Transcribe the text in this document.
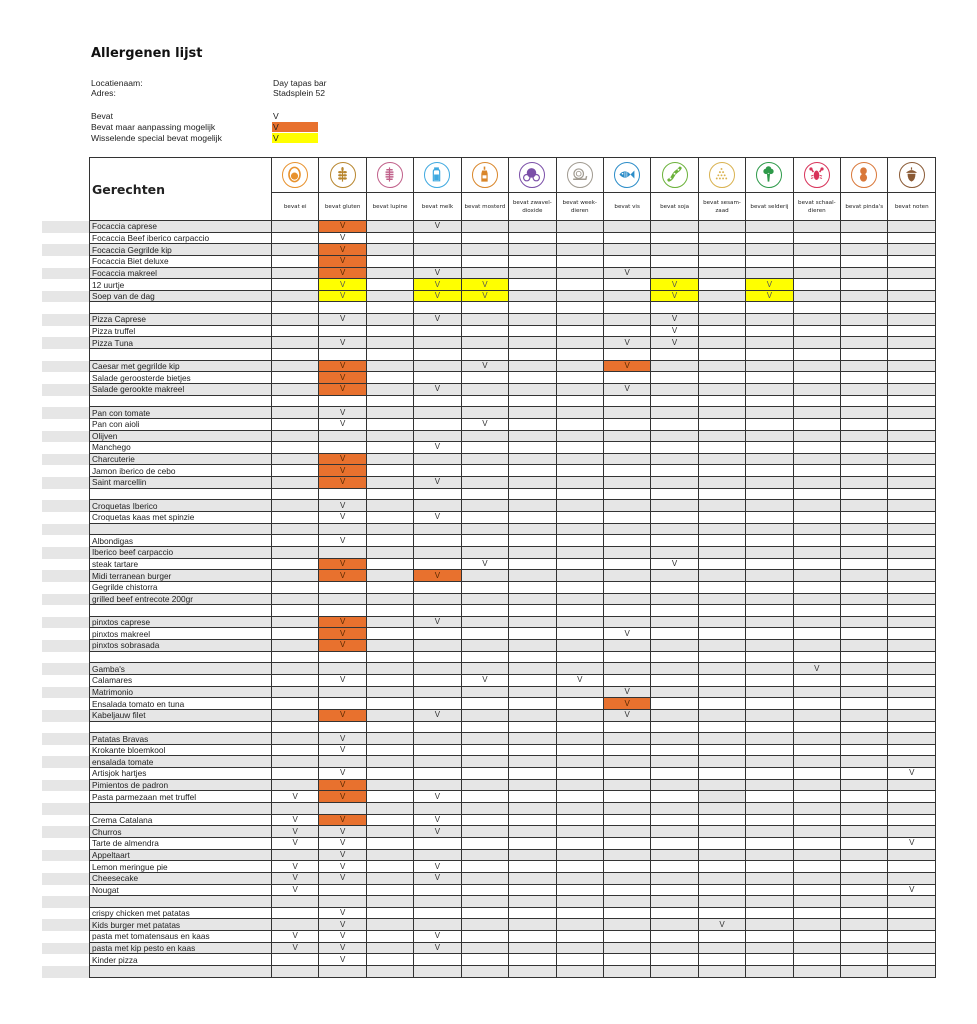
Allergenen lijst
Locatienaam:	Day tapas bar
Adres:	Stadsplein 52
Bevat	V
Bevat maar aanpassing mogelijk	V
Wisselende special bevat mogelijk	V
Gerechten	

	bevat ei	bevat gluten	bevat lupine	bevat melk	bevat mosterd	bevat zwavel-dioxide	bevat week-dieren	bevat vis	bevat soja	bevat sesam-zaad	bevat selderij	bevat schaal-dieren	bevat pinda's	bevat noten
Focaccia caprese		V		V										
Focaccia Beef iberico carpaccio		V												
Focaccia Gegrilde kip		V												
Focaccia Biet deluxe		V												
Focaccia makreel		V		V				V						
12 uurtje		V		V	V				V		V			
Soep van de dag		V		V	V				V		V			

Pizza Caprese		V		V					V					
Pizza truffel									V					
Pizza Tuna		V						V	V					

Caesar met gegrilde kip		V			V			V						
Salade geroosterde bietjes		V												
Salade gerookte makreel		V		V				V						

Pan con tomate		V												
Pan con aioli		V			V									
Olijven														
Manchego				V										
Charcuterie		V												
Jamon iberico de cebo		V												
Saint marcellin		V		V										

Croquetas Iberico		V												
Croquetas kaas met spinzie		V		V										

Albondigas		V												
Iberico beef carpaccio														
steak tartare		V			V				V					
Midi terranean burger		V		V										
Gegrilde chistorra														
grilled beef entrecote 200gr														

pinxtos caprese		V		V										
pinxtos makreel		V						V						
pinxtos sobrasada		V												

Gamba's												V		
Calamares		V			V		V							
Matrimonio								V						
Ensalada tomato en tuna								V						
Kabeljauw filet		V		V				V						

Patatas Bravas		V												
Krokante bloemkool		V												
ensalada tomate														
Artisjok hartjes		V												V
Pimientos de padron		V												
Pasta parmezaan met truffel	V	V		V										

Crema Catalana	V	V		V										
Churros	V	V		V										
Tarte de almendra	V	V												V
Appeltaart		V												
Lemon meringue pie	V	V		V										
Cheesecake	V	V		V										
Nougat	V													V

crispy chicken met patatas		V												
Kids burger met patatas		V								V				
pasta met tomatensaus en kaas	V	V		V										
pasta met kip pesto en kaas	V	V		V										
Kinder pizza		V												
